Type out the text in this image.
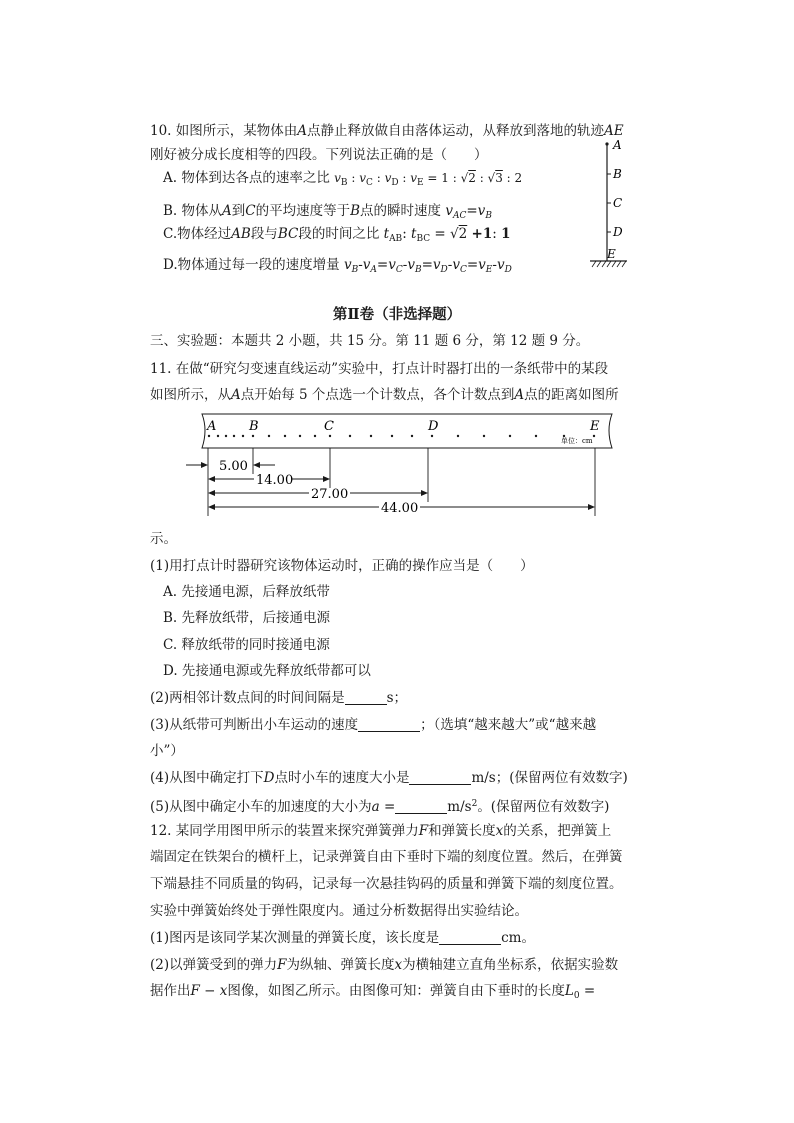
10. 如图所示，某物体由A点静止释放做自由落体运动，从释放到落地的轨迹AE
刚好被分成长度相等的四段。下列说法正确的是（　　）
A. 物体到达各点的速率之比 $v_B$ : $v_C$ : $v_D$ : $v_E = 1$ : √2 : √3 : 2
B. 物体从A到C的平均速度等于B点的瞬时速度 $v_{AC}=v_B$
C.物体经过AB段与BC段的时间之比 $t_{AB}$: $t_{BC} = √2 +1$: 1
D.物体通过每一段的速度增量 $v_B-v_A=v_C-v_B=v_D-v_C=v_E-v_D$
A
B
C
D
E
第Ⅱ卷（非选择题）
三、实验题：本题共 2 小题，共 15 分。第 11 题 6 分，第 12 题 9 分。
11. 在做“研究匀变速直线运动”实验中，打点计时器打出的一条纸带中的某段
如图所示，从A点开始每 5 个点选一个计数点，各个计数点到A点的距离如图所
A	B	C	D	E
单位：cm
5.00
14.00
27.00
44.00
示。
(1)用打点计时器研究该物体运动时，正确的操作应当是（　　）
A. 先接通电源，后释放纸带
B. 先释放纸带，后接通电源
C. 释放纸带的同时接通电源
D. 先接通电源或先释放纸带都可以
(2)两相邻计数点间的时间间隔是	s；
(3)从纸带可判断出小车运动的速度	；（选填“越来越大”或“越来越
小”）
(4)从图中确定打下D点时小车的速度大小是	m/s；(保留两位有效数字)
(5)从图中确定小车的加速度的大小为a =	$m/s^2$。(保留两位有效数字)
12. 某同学用图甲所示的装置来探究弹簧弹力F和弹簧长度x的关系，把弹簧上
端固定在铁架台的横杆上，记录弹簧自由下垂时下端的刻度位置。然后，在弹簧
下端悬挂不同质量的钩码，记录每一次悬挂钩码的质量和弹簧下端的刻度位置。
实验中弹簧始终处于弹性限度内。通过分析数据得出实验结论。
(1)图丙是该同学某次测量的弹簧长度，该长度是	cm。
(2)以弹簧受到的弹力F为纵轴、弹簧长度x为横轴建立直角坐标系，依据实验数
据作出F − x图像，如图乙所示。由图像可知：弹簧自由下垂时的长度$L_0$ =
